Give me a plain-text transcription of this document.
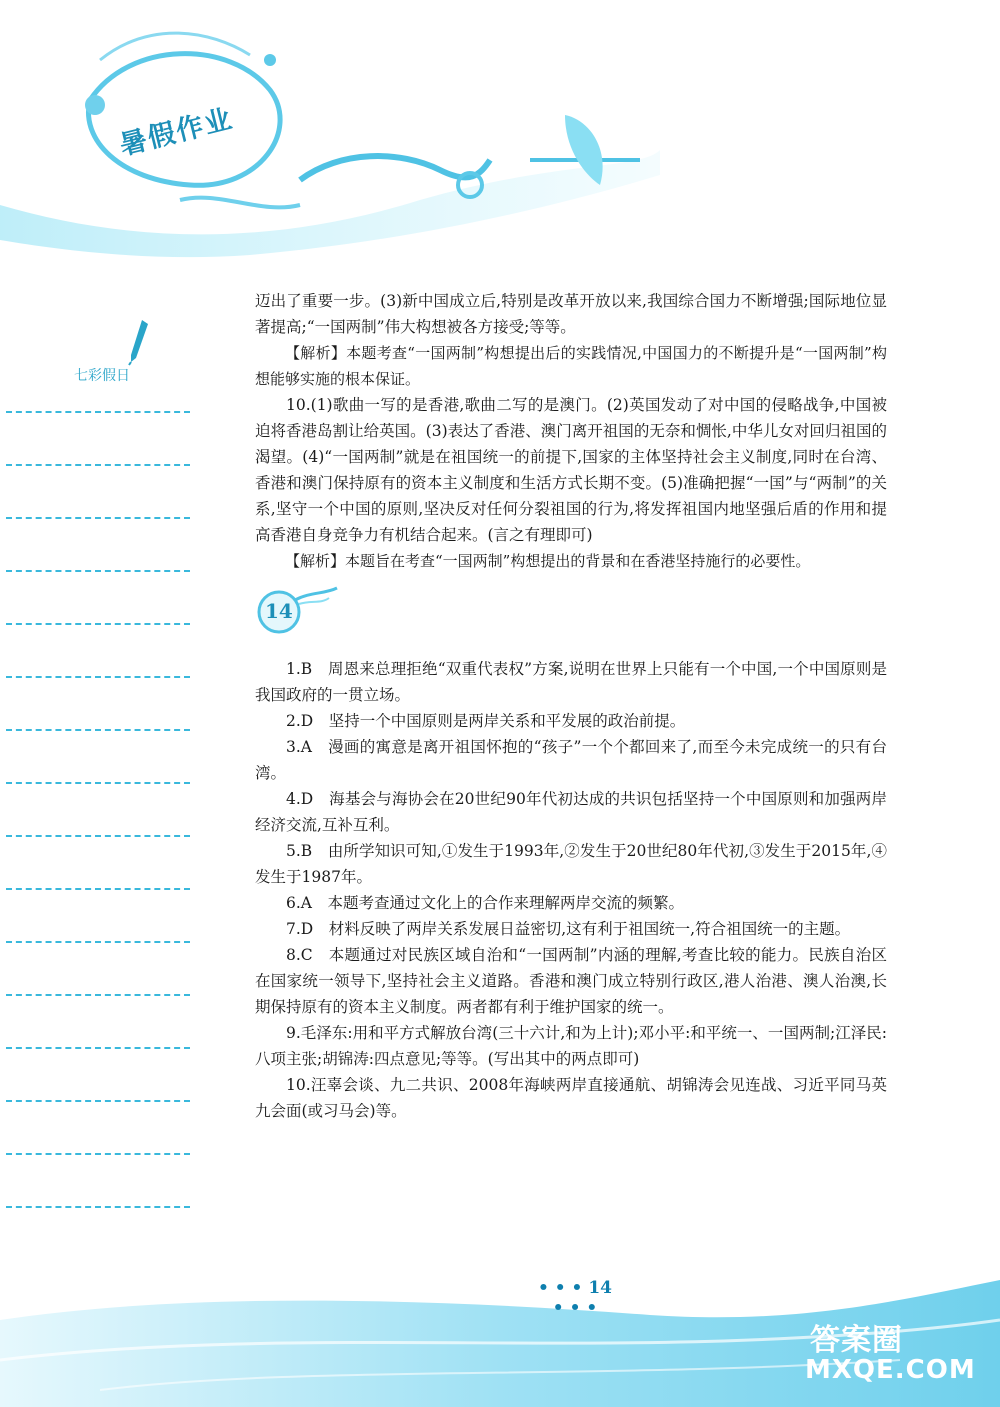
暑假作业
七彩假日

迈出了重要一步。(3)新中国成立后,特别是改革开放以来,我国综合国力不断增强;国际地位显著提高;“一国两制”伟大构想被各方接受;等等。

【解析】本题考查“一国两制”构想提出后的实践情况,中国国力的不断提升是“一国两制”构想能够实施的根本保证。

10.(1)歌曲一写的是香港,歌曲二写的是澳门。(2)英国发动了对中国的侵略战争,中国被迫将香港岛割让给英国。(3)表达了香港、澳门离开祖国的无奈和惆怅,中华儿女对回归祖国的渴望。(4)“一国两制”就是在祖国统一的前提下,国家的主体坚持社会主义制度,同时在台湾、香港和澳门保持原有的资本主义制度和生活方式长期不变。(5)准确把握“一国”与“两制”的关系,坚守一个中国的原则,坚决反对任何分裂祖国的行为,将发挥祖国内地坚强后盾的作用和提高香港自身竞争力有机结合起来。(言之有理即可)

【解析】本题旨在考查“一国两制”构想提出的背景和在香港坚持施行的必要性。

14

1.B　周恩来总理拒绝“双重代表权”方案,说明在世界上只能有一个中国,一个中国原则是我国政府的一贯立场。

2.D　坚持一个中国原则是两岸关系和平发展的政治前提。

3.A　漫画的寓意是离开祖国怀抱的“孩子”一个个都回来了,而至今未完成统一的只有台湾。

4.D　海基会与海协会在20世纪90年代初达成的共识包括坚持一个中国原则和加强两岸经济交流,互补互利。

5.B　由所学知识可知,①发生于1993年,②发生于20世纪80年代初,③发生于2015年,④发生于1987年。

6.A　本题考查通过文化上的合作来理解两岸交流的频繁。

7.D　材料反映了两岸关系发展日益密切,这有利于祖国统一,符合祖国统一的主题。

8.C　本题通过对民族区域自治和“一国两制”内涵的理解,考查比较的能力。民族自治区在国家统一领导下,坚持社会主义道路。香港和澳门成立特别行政区,港人治港、澳人治澳,长期保持原有的资本主义制度。两者都有利于维护国家的统一。

9.毛泽东:用和平方式解放台湾(三十六计,和为上计);邓小平:和平统一、一国两制;江泽民:八项主张;胡锦涛:四点意见;等等。(写出其中的两点即可)

10.汪辜会谈、九二共识、2008年海峡两岸直接通航、胡锦涛会见连战、习近平同马英九会面(或习马会)等。

• • • 14 • • •
答案圈
MXQE.COM
